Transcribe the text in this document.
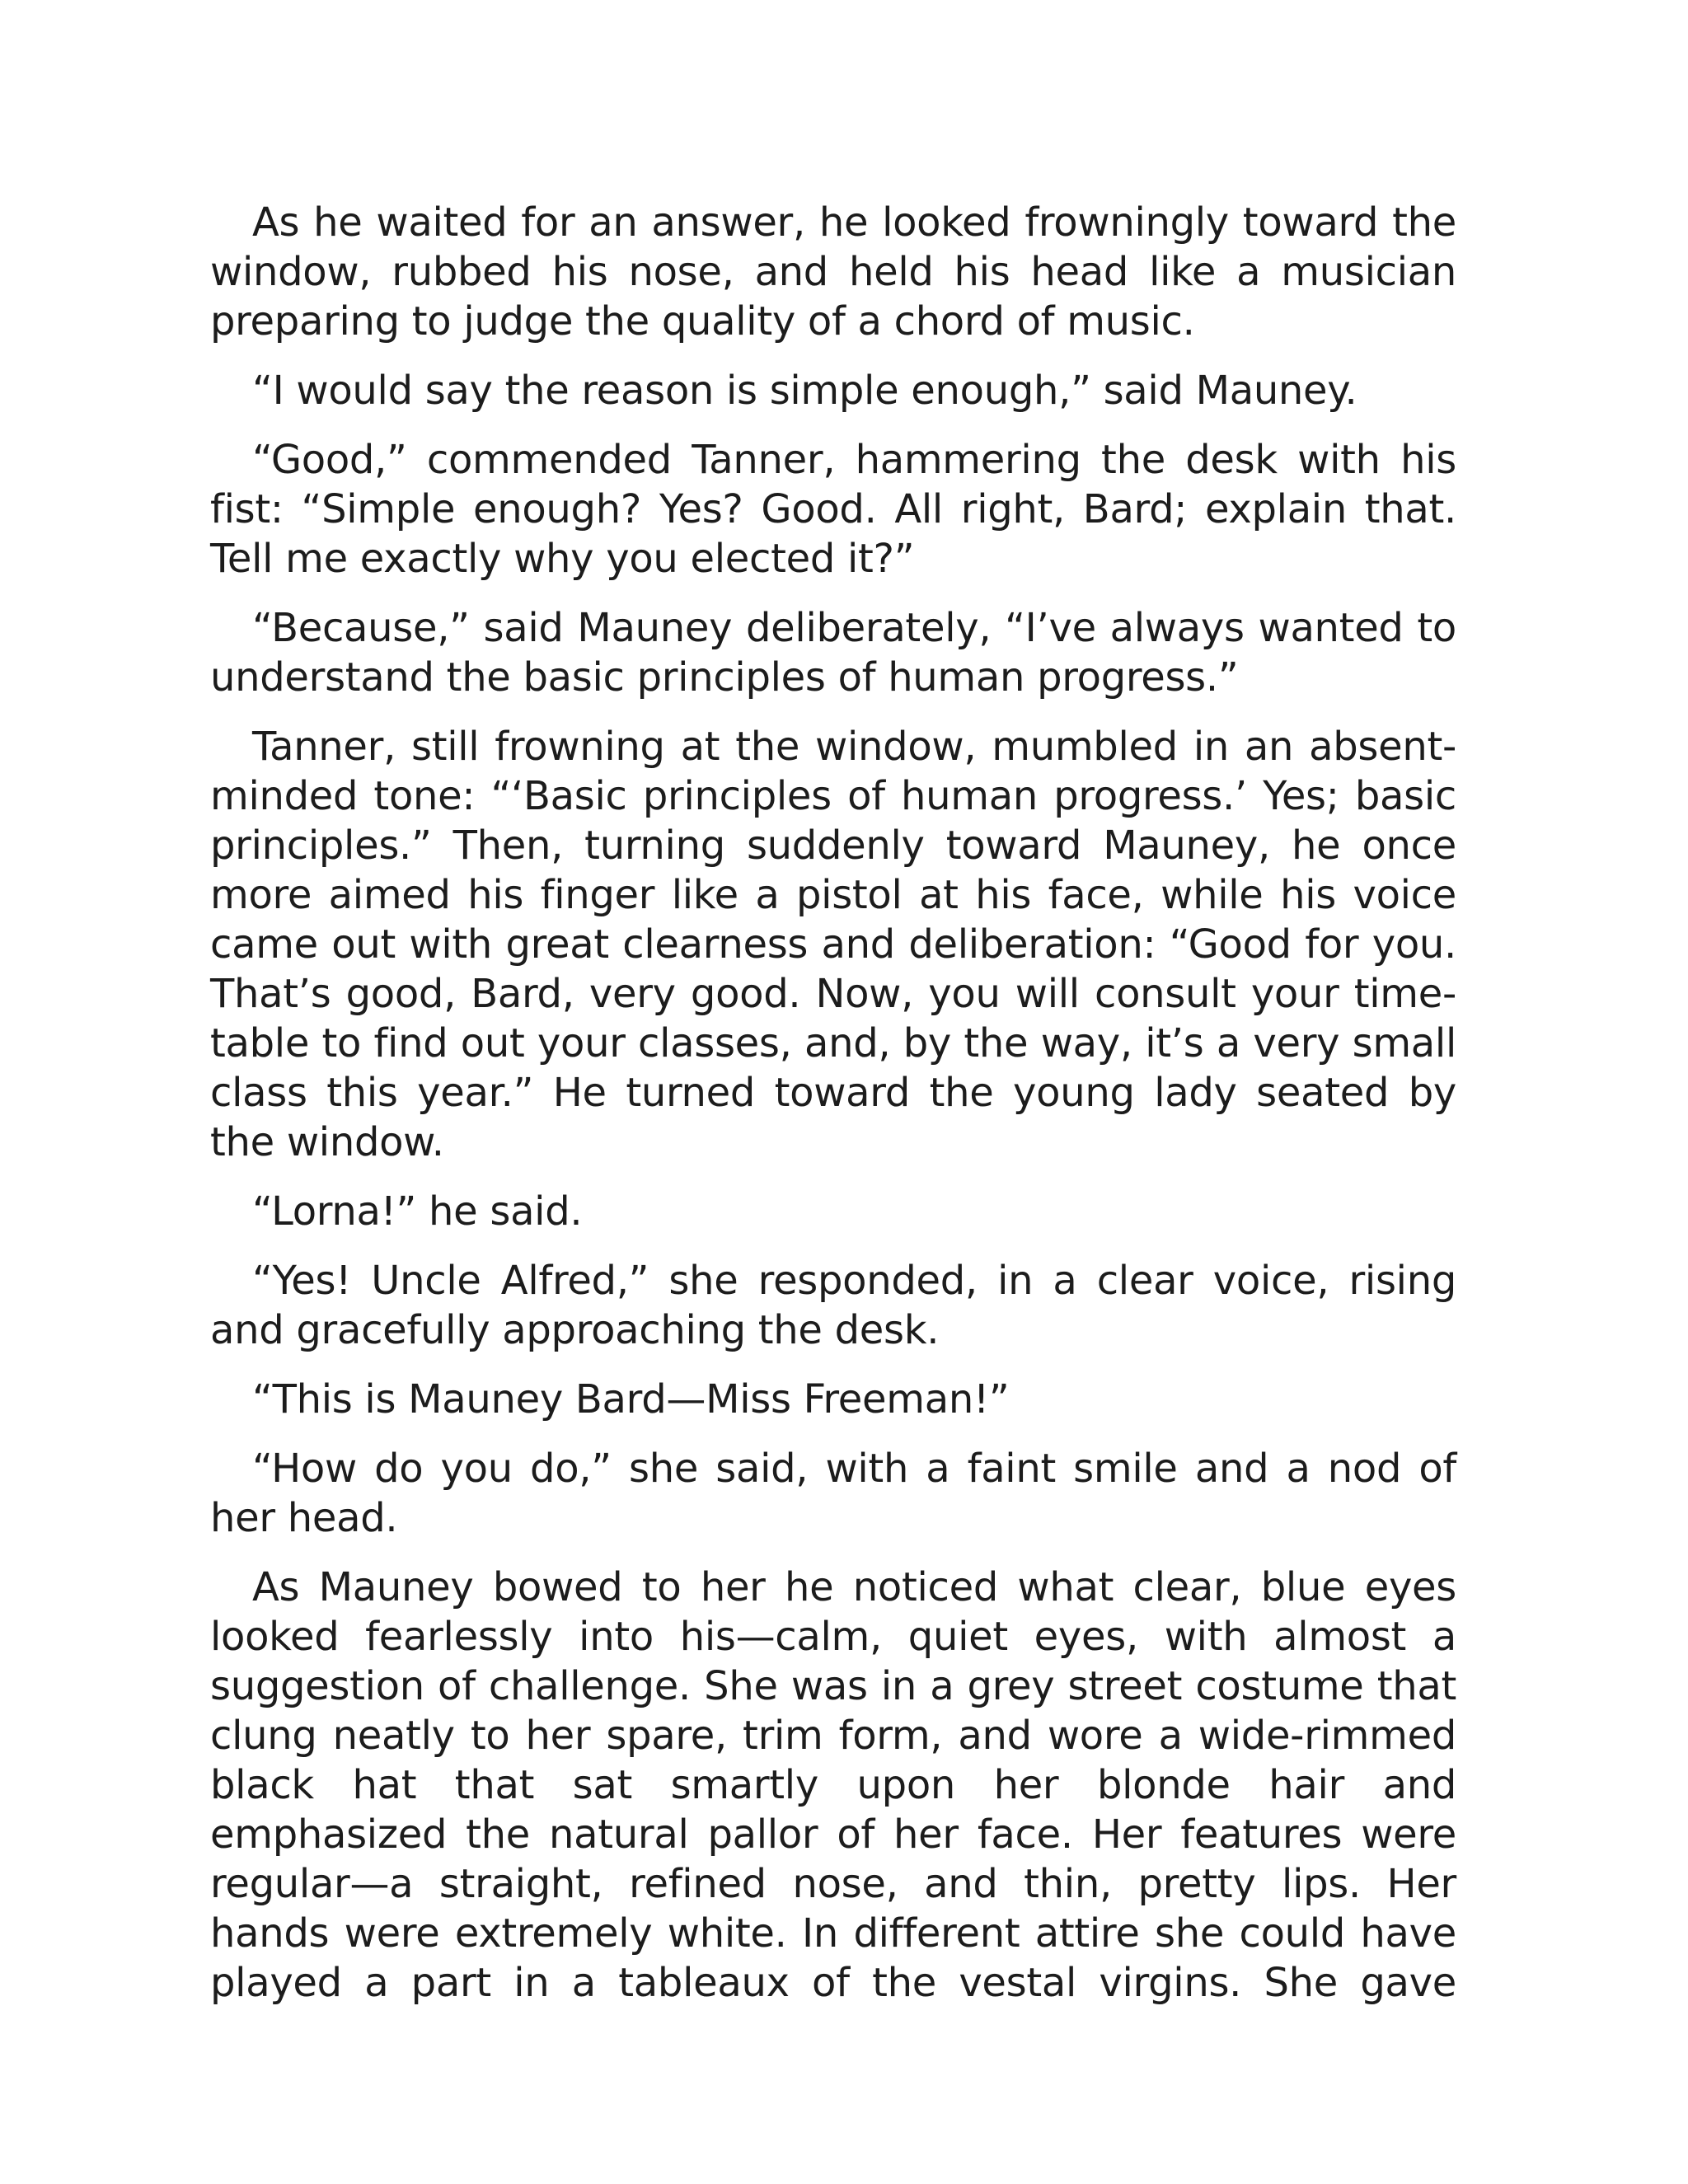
As he waited for an answer, he looked frowningly toward the window, rubbed his nose, and held his head like a musician preparing to judge the quality of a chord of music.

“I would say the reason is simple enough,” said Mauney.

“Good,” commended Tanner, hammering the desk with his fist: “Simple enough? Yes? Good. All right, Bard; explain that. Tell me exactly why you elected it?”

“Because,” said Mauney deliberately, “I’ve always wanted to understand the basic principles of human progress.”

Tanner, still frowning at the window, mumbled in an absent-minded tone: “‘Basic principles of human progress.’ Yes; basic principles.” Then, turning suddenly toward Mauney, he once more aimed his finger like a pistol at his face, while his voice came out with great clearness and deliberation: “Good for you. That’s good, Bard, very good. Now, you will consult your time-table to find out your classes, and, by the way, it’s a very small class this year.” He turned toward the young lady seated by the window.

“Lorna!” he said.

“Yes! Uncle Alfred,” she responded, in a clear voice, rising and gracefully approaching the desk.

“This is Mauney Bard—Miss Freeman!”

“How do you do,” she said, with a faint smile and a nod of her head.

As Mauney bowed to her he noticed what clear, blue eyes looked fearlessly into his—calm, quiet eyes, with almost a suggestion of challenge. She was in a grey street costume that clung neatly to her spare, trim form, and wore a wide-rimmed black hat that sat smartly upon her blonde hair and emphasized the natural pallor of her face. Her features were regular—a straight, refined nose, and thin, pretty lips. Her hands were extremely white. In different attire she could have played a part in a tableaux of the vestal virgins. She gave
